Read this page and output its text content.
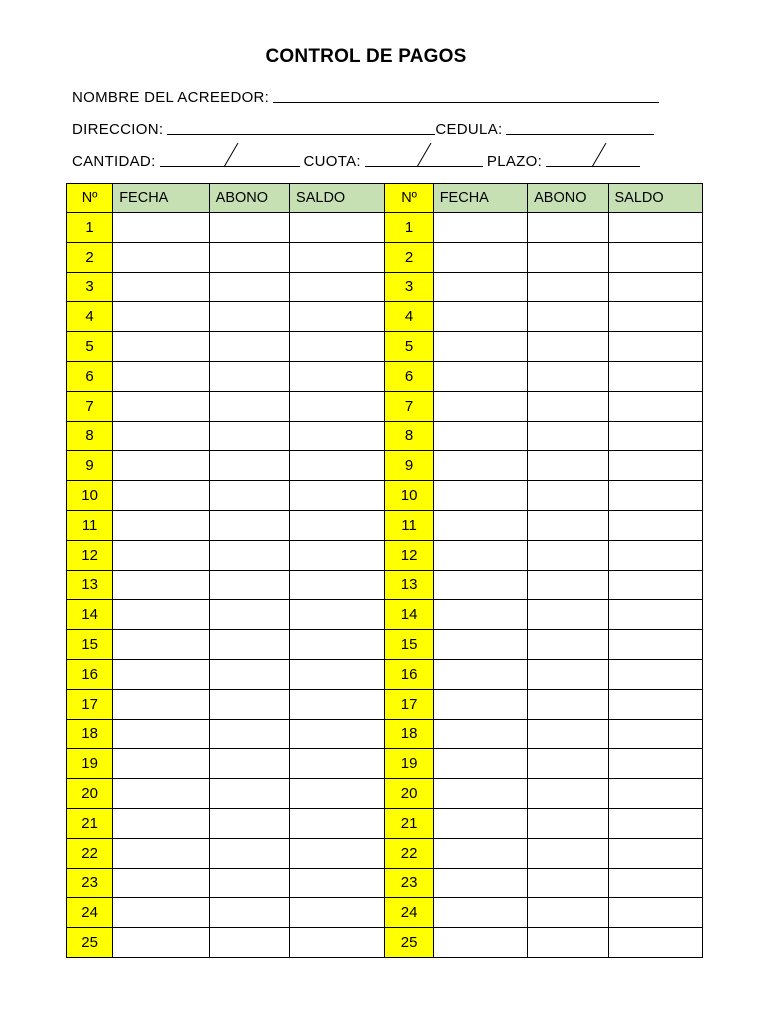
CONTROL DE PAGOS
NOMBRE DEL ACREEDOR:
DIRECCION:	CEDULA:
CANTIDAD:	CUOTA:	PLAZO:
Nº	FECHA	ABONO	SALDO		Nº	FECHA	ABONO	SALDO
1					1			
2					2			
3					3			
4					4			
5					5			
6					6			
7					7			
8					8			
9					9			
10					10			
11					11			
12					12			
13					13			
14					14			
15					15			
16					16			
17					17			
18					18			
19					19			
20					20			
21					21			
22					22			
23					23			
24					24			
25					25			
